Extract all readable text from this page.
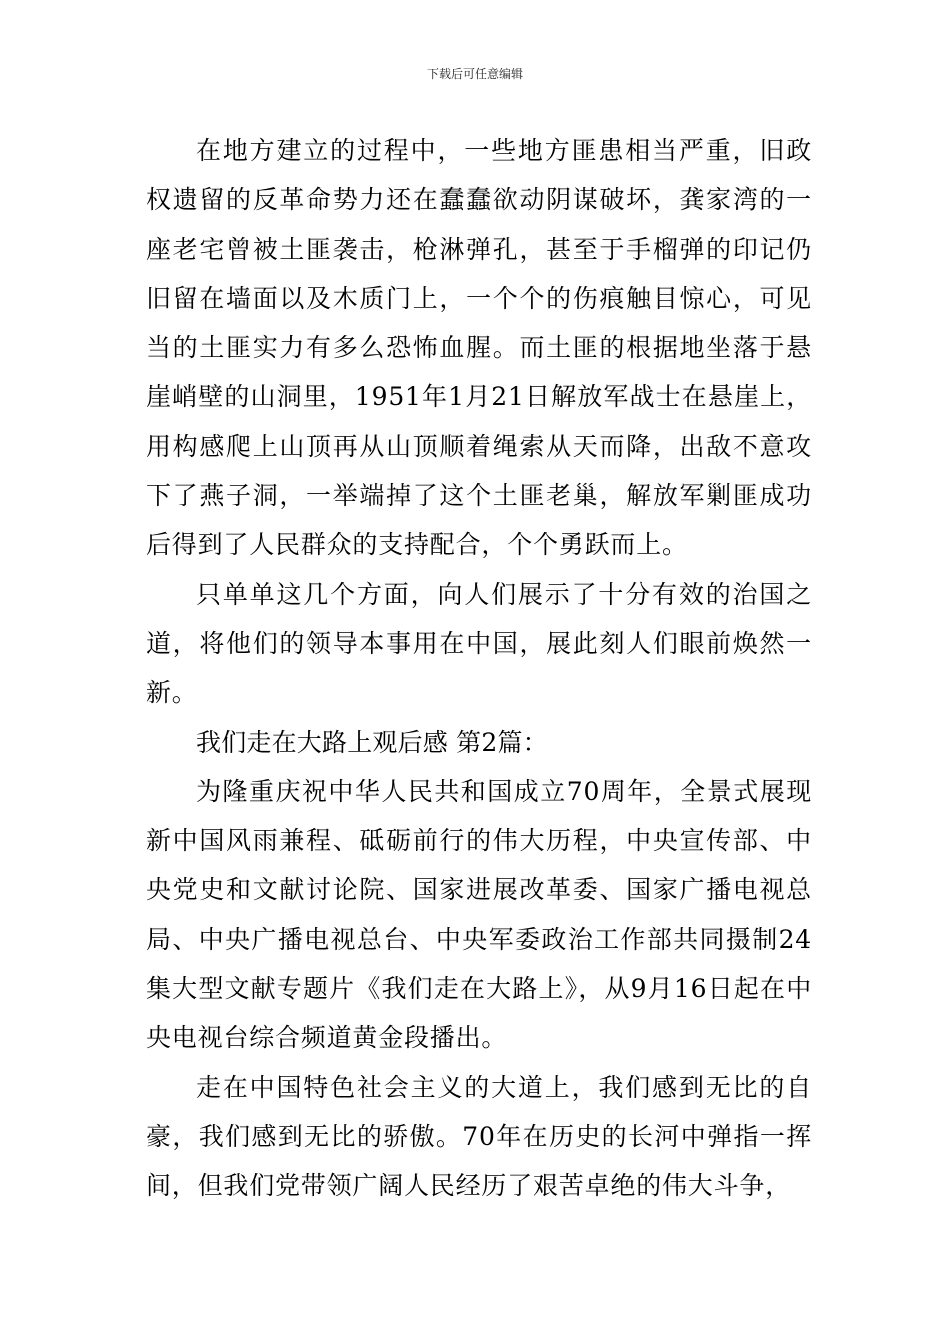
下载后可任意编辑

在地方建立的过程中，一些地方匪患相当严重，旧政权遗留的反革命势力还在蠢蠢欲动阴谋破坏，龚家湾的一座老宅曾被土匪袭击，枪淋弹孔，甚至于手榴弹的印记仍旧留在墙面以及木质门上，一个个的伤痕触目惊心，可见当的土匪实力有多么恐怖血腥。而土匪的根据地坐落于悬崖峭壁的山洞里，1951年1月21日解放军战士在悬崖上，用构感爬上山顶再从山顶顺着绳索从天而降，出敌不意攻下了燕子洞，一举端掉了这个土匪老巢，解放军剿匪成功后得到了人民群众的支持配合，个个勇跃而上。

只单单这几个方面，向人们展示了十分有效的治国之道，将他们的领导本事用在中国，展此刻人们眼前焕然一新。

我们走在大路上观后感 第2篇：

为隆重庆祝中华人民共和国成立70周年，全景式展现新中国风雨兼程、砥砺前行的伟大历程，中央宣传部、中央党史和文献讨论院、国家进展改革委、国家广播电视总局、中央广播电视总台、中央军委政治工作部共同摄制24集大型文献专题片《我们走在大路上》，从9月16日起在中央电视台综合频道黄金段播出。

走在中国特色社会主义的大道上，我们感到无比的自豪，我们感到无比的骄傲。70年在历史的长河中弹指一挥间，但我们党带领广阔人民经历了艰苦卓绝的伟大斗争，
